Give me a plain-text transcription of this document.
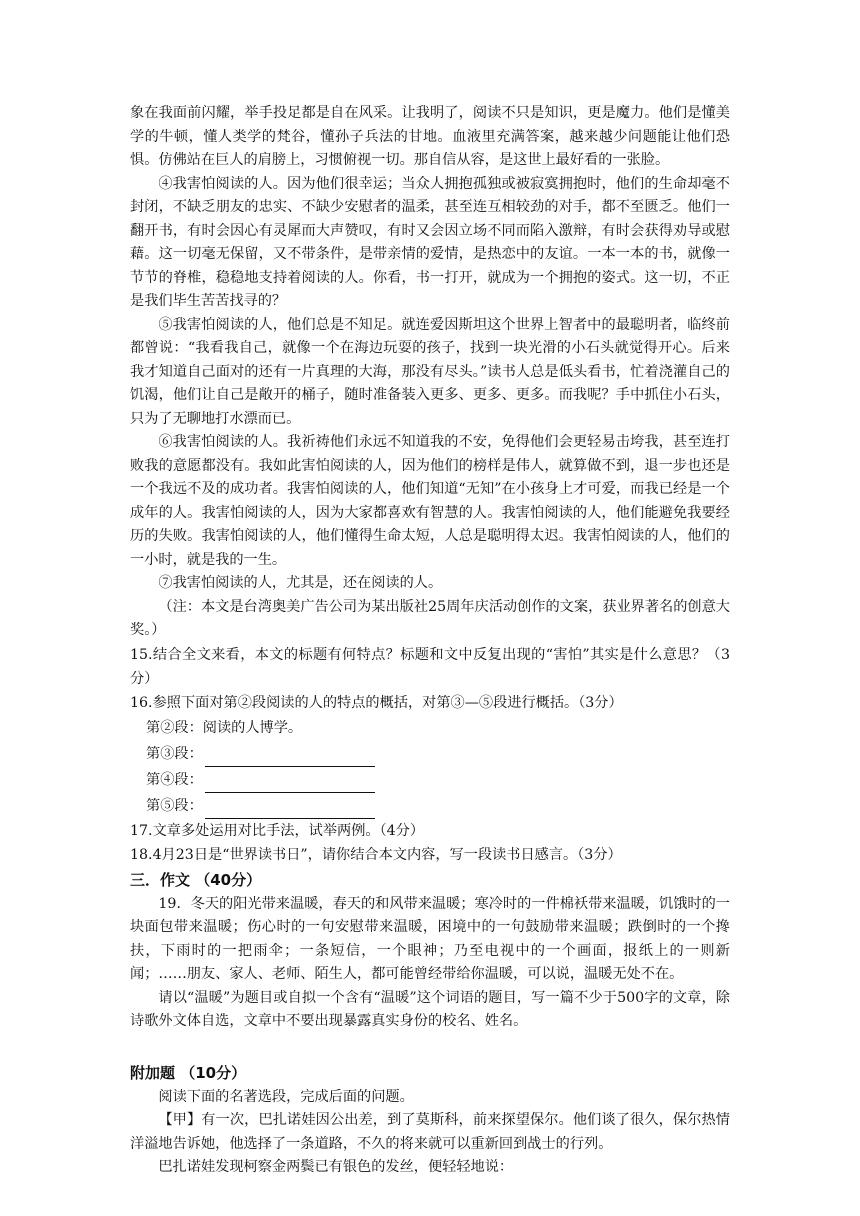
象在我面前闪耀，举手投足都是自在风采。让我明了，阅读不只是知识，更是魔力。他们是懂美学的牛顿，懂人类学的梵谷，懂孙子兵法的甘地。血液里充满答案，越来越少问题能让他们恐惧。仿佛站在巨人的肩膀上，习惯俯视一切。那自信从容，是这世上最好看的一张脸。

④我害怕阅读的人。因为他们很幸运；当众人拥抱孤独或被寂寞拥抱时，他们的生命却毫不封闭，不缺乏朋友的忠实、不缺少安慰者的温柔，甚至连互相较劲的对手，都不至匮乏。他们一翻开书，有时会因心有灵犀而大声赞叹，有时又会因立场不同而陷入激辩，有时会获得劝导或慰藉。这一切毫无保留，又不带条件，是带亲情的爱情，是热恋中的友谊。一本一本的书，就像一节节的脊椎，稳稳地支持着阅读的人。你看，书一打开，就成为一个拥抱的姿式。这一切，不正是我们毕生苦苦找寻的？

⑤我害怕阅读的人，他们总是不知足。就连爱因斯坦这个世界上智者中的最聪明者，临终前都曾说：“我看我自己，就像一个在海边玩耍的孩子，找到一块光滑的小石头就觉得开心。后来我才知道自己面对的还有一片真理的大海，那没有尽头。”读书人总是低头看书，忙着浇灌自己的饥渴，他们让自己是敞开的桶子，随时准备装入更多、更多、更多。而我呢？手中抓住小石头，只为了无聊地打水漂而已。

⑥我害怕阅读的人。我祈祷他们永远不知道我的不安，免得他们会更轻易击垮我，甚至连打败我的意愿都没有。我如此害怕阅读的人，因为他们的榜样是伟人，就算做不到，退一步也还是一个我远不及的成功者。我害怕阅读的人，他们知道“无知”在小孩身上才可爱，而我已经是一个成年的人。我害怕阅读的人，因为大家都喜欢有智慧的人。我害怕阅读的人，他们能避免我要经历的失败。我害怕阅读的人，他们懂得生命太短，人总是聪明得太迟。我害怕阅读的人，他们的一小时，就是我的一生。

⑦我害怕阅读的人，尤其是，还在阅读的人。

（注：本文是台湾奥美广告公司为某出版社25周年庆活动创作的文案，获业界著名的创意大奖。）

15.结合全文来看，本文的标题有何特点？标题和文中反复出现的“害怕”其实是什么意思？（3分）

16.参照下面对第②段阅读的人的特点的概括，对第③—⑤段进行概括。（3分）

第②段：阅读的人博学。
第③段：
第④段：
第⑤段：

17.文章多处运用对比手法，试举两例。（4分）

18.4月23日是“世界读书日”，请你结合本文内容，写一段读书日感言。（3分）

三．作文 （40分）

19．冬天的阳光带来温暖，春天的和风带来温暖；寒冷时的一件棉袄带来温暖，饥饿时的一块面包带来温暖；伤心时的一句安慰带来温暖，困境中的一句鼓励带来温暖；跌倒时的一个搀扶，下雨时的一把雨伞；一条短信，一个眼神；乃至电视中的一个画面，报纸上的一则新闻；……朋友、家人、老师、陌生人，都可能曾经带给你温暖，可以说，温暖无处不在。

请以“温暖”为题目或自拟一个含有“温暖”这个词语的题目，写一篇不少于500字的文章，除诗歌外文体自选，文章中不要出现暴露真实身份的校名、姓名。

附加题 （10分）

阅读下面的名著选段，完成后面的问题。

【甲】有一次，巴扎诺娃因公出差，到了莫斯科，前来探望保尔。他们谈了很久，保尔热情洋溢地告诉她，他选择了一条道路，不久的将来就可以重新回到战士的行列。

巴扎诺娃发现柯察金两鬓已有银色的发丝，便轻轻地说：
